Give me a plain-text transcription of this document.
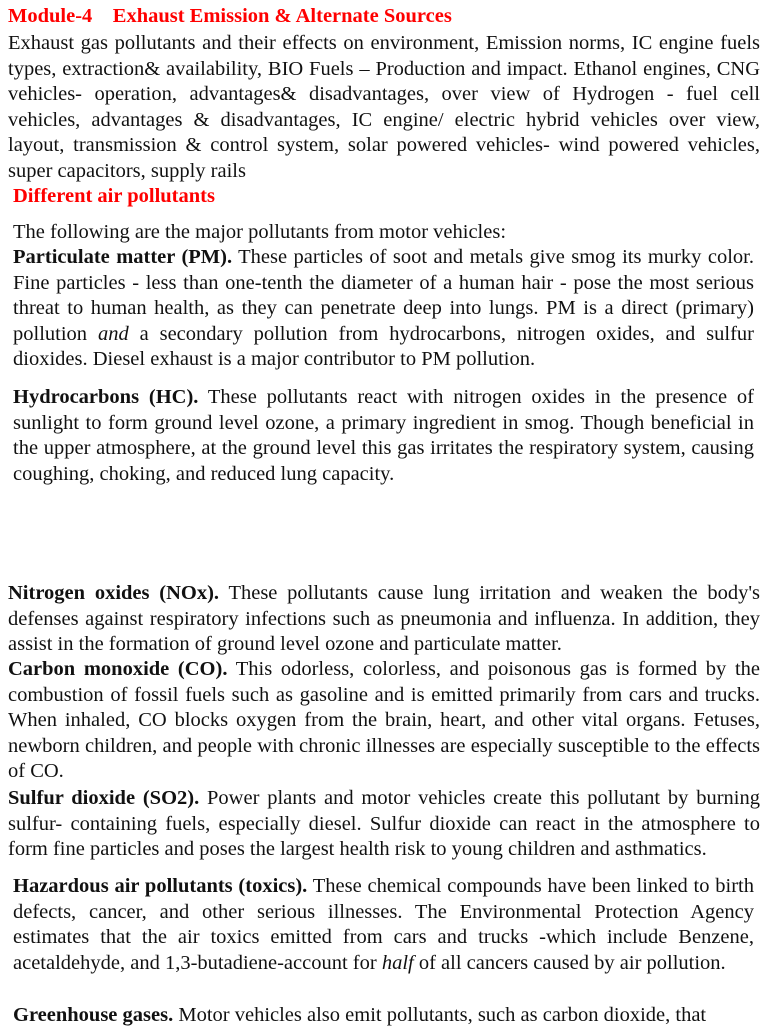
Module-4    Exhaust Emission & Alternate Sources

Exhaust gas pollutants and their effects on environment, Emission norms, IC engine fuels types, extraction& availability, BIO Fuels – Production and impact. Ethanol engines, CNG vehicles- operation, advantages& disadvantages, over view of Hydrogen - fuel cell vehicles, advantages & disadvantages, IC engine/ electric hybrid vehicles over view, layout, transmission & control system, solar powered vehicles- wind powered vehicles, super capacitors, supply rails

Different air pollutants

The following are the major pollutants from motor vehicles:

Particulate matter (PM). These particles of soot and metals give smog its murky color. Fine particles - less than one-tenth the diameter of a human hair - pose the most serious threat to human health, as they can penetrate deep into lungs. PM is a direct (primary) pollution and a secondary pollution from hydrocarbons, nitrogen oxides, and sulfur dioxides. Diesel exhaust is a major contributor to PM pollution.

Hydrocarbons (HC). These pollutants react with nitrogen oxides in the presence of sunlight to form ground level ozone, a primary ingredient in smog. Though beneficial in the upper atmosphere, at the ground level this gas irritates the respiratory system, causing coughing, choking, and reduced lung capacity.

Nitrogen oxides (NOx). These pollutants cause lung irritation and weaken the body's defenses against respiratory infections such as pneumonia and influenza. In addition, they assist in the formation of ground level ozone and particulate matter.

Carbon monoxide (CO). This odorless, colorless, and poisonous gas is formed by the combustion of fossil fuels such as gasoline and is emitted primarily from cars and trucks. When inhaled, CO blocks oxygen from the brain, heart, and other vital organs. Fetuses, newborn children, and people with chronic illnesses are especially susceptible to the effects of CO.

Sulfur dioxide (SO2). Power plants and motor vehicles create this pollutant by burning sulfur- containing fuels, especially diesel. Sulfur dioxide can react in the atmosphere to form fine particles and poses the largest health risk to young children and asthmatics.

Hazardous air pollutants (toxics). These chemical compounds have been linked to birth defects, cancer, and other serious illnesses. The Environmental Protection Agency estimates that the air toxics emitted from cars and trucks -which include Benzene, acetaldehyde, and 1,3-butadiene-account for half of all cancers caused by air pollution.

Greenhouse gases. Motor vehicles also emit pollutants, such as carbon dioxide, that
